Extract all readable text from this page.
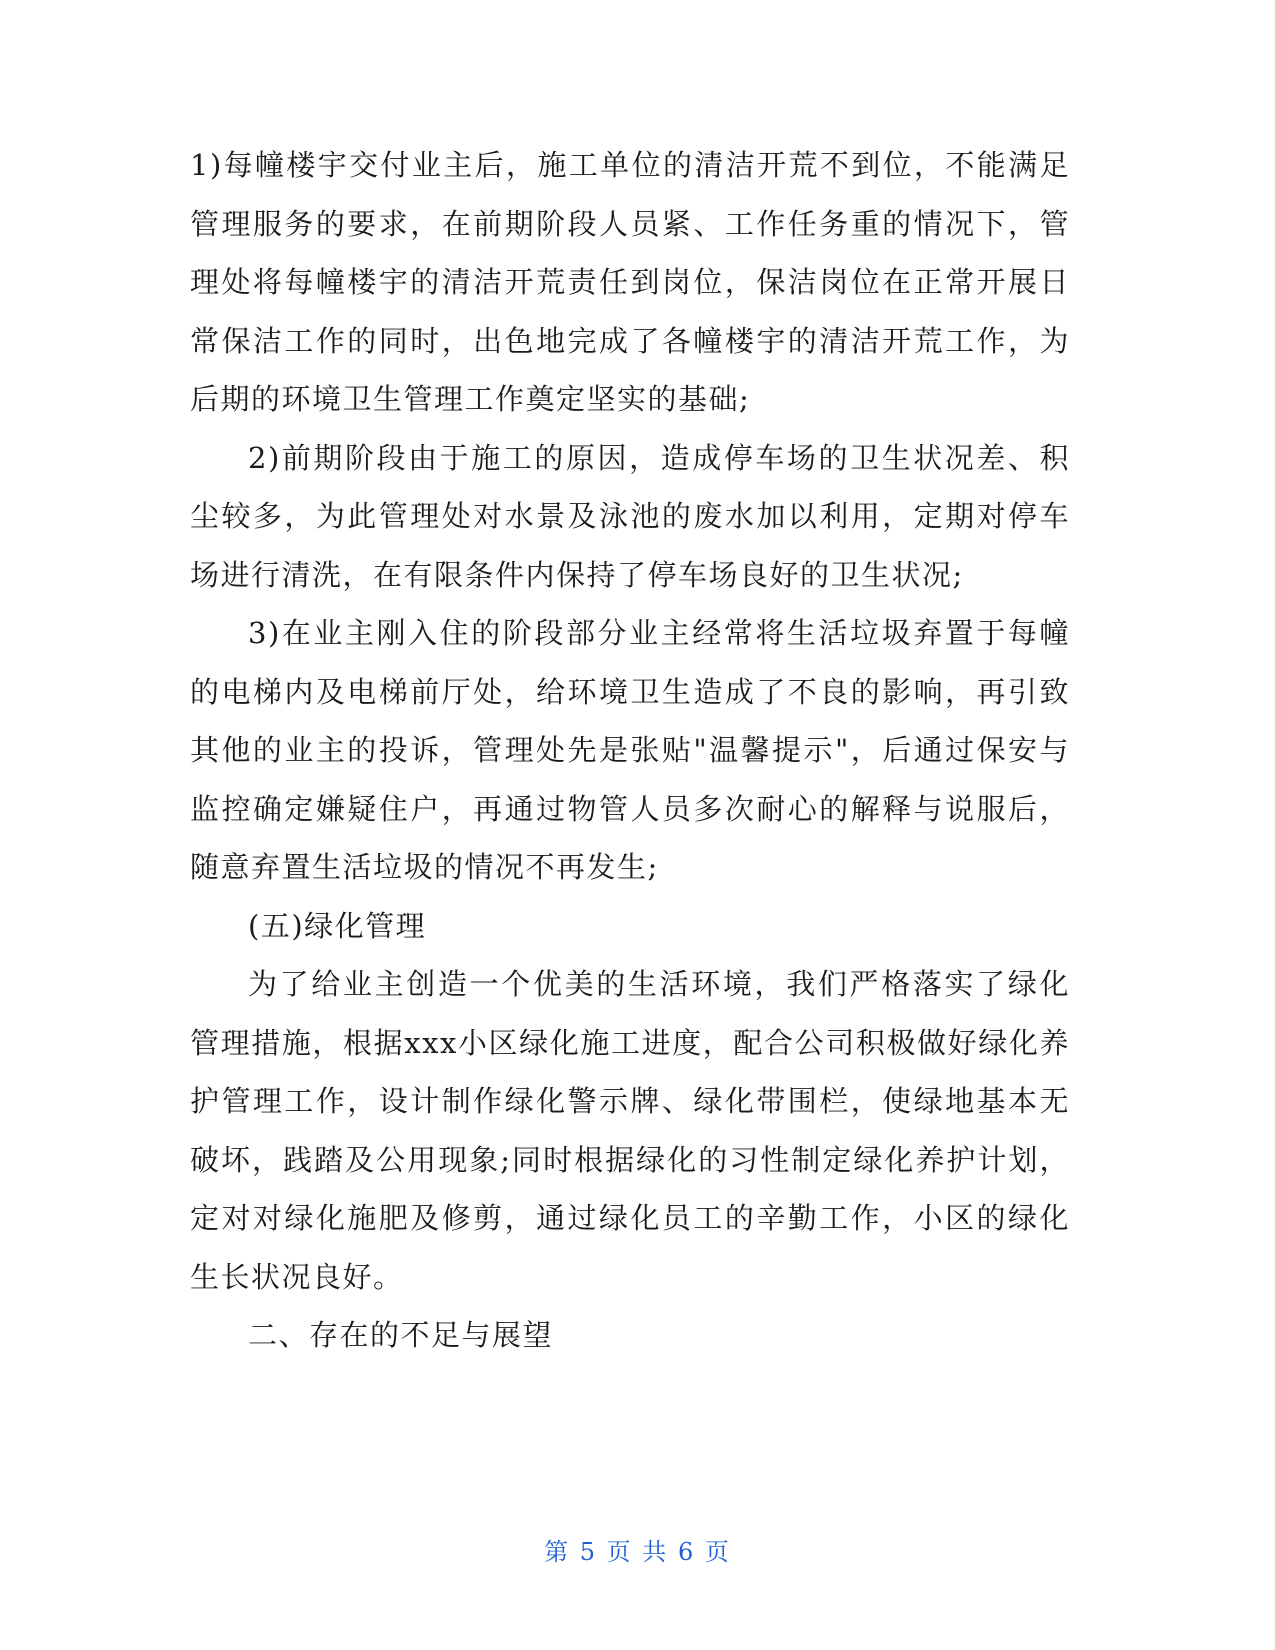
1)每幢楼宇交付业主后，施工单位的清洁开荒不到位，不能满足管理服务的要求，在前期阶段人员紧、工作任务重的情况下，管理处将每幢楼宇的清洁开荒责任到岗位，保洁岗位在正常开展日常保洁工作的同时，出色地完成了各幢楼宇的清洁开荒工作，为后期的环境卫生管理工作奠定坚实的基础;

2)前期阶段由于施工的原因，造成停车场的卫生状况差、积尘较多，为此管理处对水景及泳池的废水加以利用，定期对停车场进行清洗，在有限条件内保持了停车场良好的卫生状况;

3)在业主刚入住的阶段部分业主经常将生活垃圾弃置于每幢的电梯内及电梯前厅处，给环境卫生造成了不良的影响，再引致其他的业主的投诉，管理处先是张贴"温馨提示"，后通过保安与监控确定嫌疑住户，再通过物管人员多次耐心的解释与说服后，随意弃置生活垃圾的情况不再发生;

(五)绿化管理

为了给业主创造一个优美的生活环境，我们严格落实了绿化管理措施，根据xxx小区绿化施工进度，配合公司积极做好绿化养护管理工作，设计制作绿化警示牌、绿化带围栏，使绿地基本无破坏，践踏及公用现象;同时根据绿化的习性制定绿化养护计划，定对对绿化施肥及修剪，通过绿化员工的辛勤工作，小区的绿化生长状况良好。

二、存在的不足与展望

第 5 页 共 6 页
